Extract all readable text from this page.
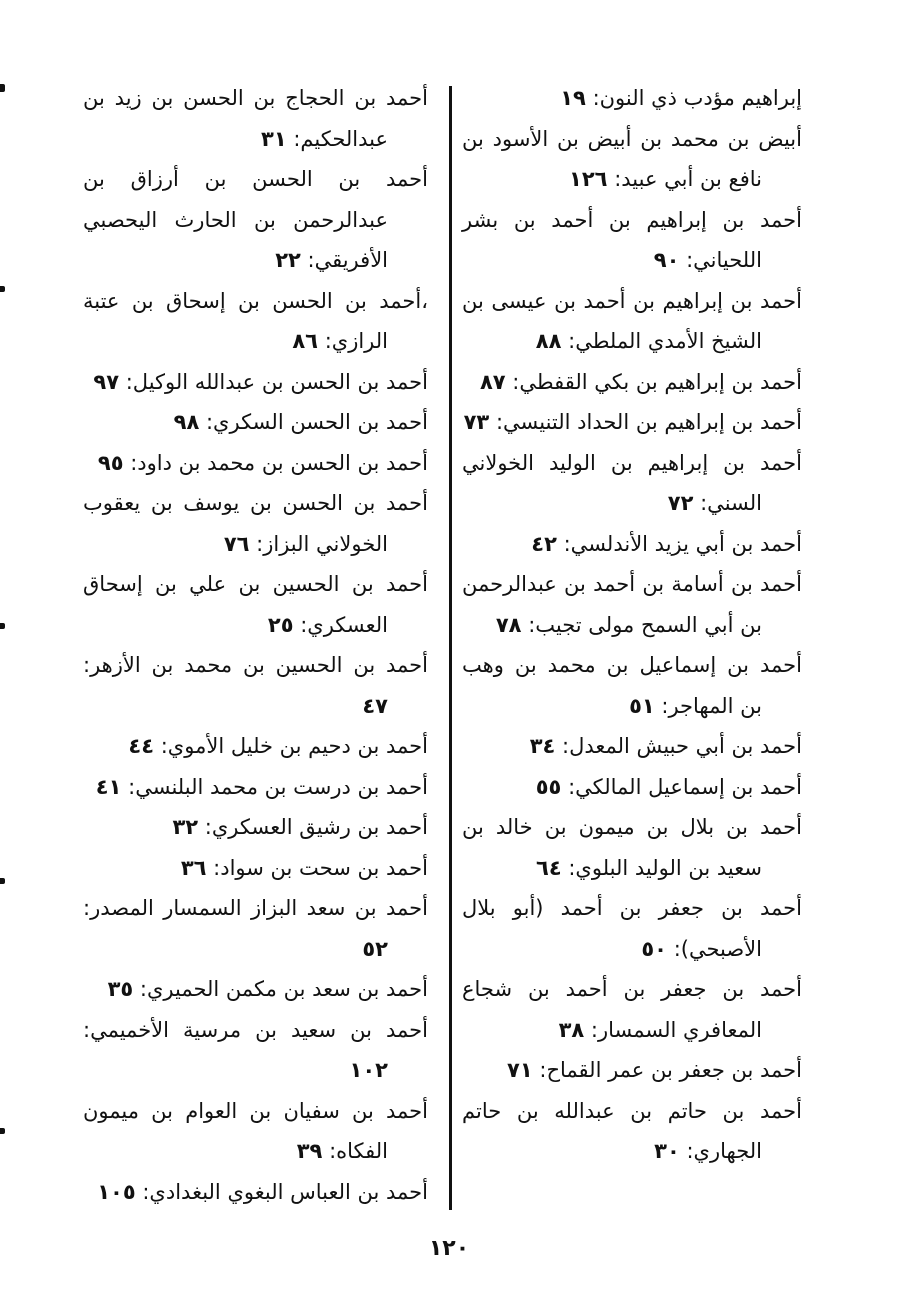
إبراهيم مؤدب ذي النون: ١٩

أبيض بن محمد بن أبيض بن الأسود بن نافع بن أبي عبيد: ١٢٦

أحمد بن إبراهيم بن أحمد بن بشر اللحياني: ٩٠

أحمد بن إبراهيم بن أحمد بن عيسى بن الشيخ الأمدي الملطي: ٨٨

أحمد بن إبراهيم بن بكي القفطي: ٨٧

أحمد بن إبراهيم بن الحداد التنيسي: ٧٣

أحمد بن إبراهيم بن الوليد الخولاني السني: ٧٢

أحمد بن أبي يزيد الأندلسي: ٤٢

أحمد بن أسامة بن أحمد بن عبدالرحمن بن أبي السمح مولى تجيب: ٧٨

أحمد بن إسماعيل بن محمد بن وهب بن المهاجر: ٥١

أحمد بن أبي حبيش المعدل: ٣٤

أحمد بن إسماعيل المالكي: ٥٥

أحمد بن بلال بن ميمون بن خالد بن سعيد بن الوليد البلوي: ٦٤

أحمد بن جعفر بن أحمد (أبو بلال الأصبحي): ٥٠

أحمد بن جعفر بن أحمد بن شجاع المعافري السمسار: ٣٨

أحمد بن جعفر بن عمر القماح: ٧١

أحمد بن حاتم بن عبدالله بن حاتم الجهاري: ٣٠

أحمد بن الحجاج بن الحسن بن زيد بن عبدالحكيم: ٣١

أحمد بن الحسن بن أرزاق بن عبدالرحمن بن الحارث اليحصبي الأفريقي: ٢٢

،أحمد بن الحسن بن إسحاق بن عتبة الرازي: ٨٦

أحمد بن الحسن بن عبدالله الوكيل: ٩٧

أحمد بن الحسن السكري: ٩٨

أحمد بن الحسن بن محمد بن داود: ٩٥

أحمد بن الحسن بن يوسف بن يعقوب الخولاني البزاز: ٧٦

أحمد بن الحسين بن علي بن إسحاق العسكري: ٢٥

أحمد بن الحسين بن محمد بن الأزهر: ٤٧

أحمد بن دحيم بن خليل الأموي: ٤٤

أحمد بن درست بن محمد البلنسي: ٤١

أحمد بن رشيق العسكري: ٣٢

أحمد بن سحت بن سواد: ٣٦

أحمد بن سعد البزاز السمسار المصدر: ٥٢

أحمد بن سعد بن مكمن الحميري: ٣٥

أحمد بن سعيد بن مرسية الأخميمي: ١٠٢

أحمد بن سفيان بن العوام بن ميمون الفكاه: ٣٩

أحمد بن العباس البغوي البغدادي: ١٠٥

١٢٠
